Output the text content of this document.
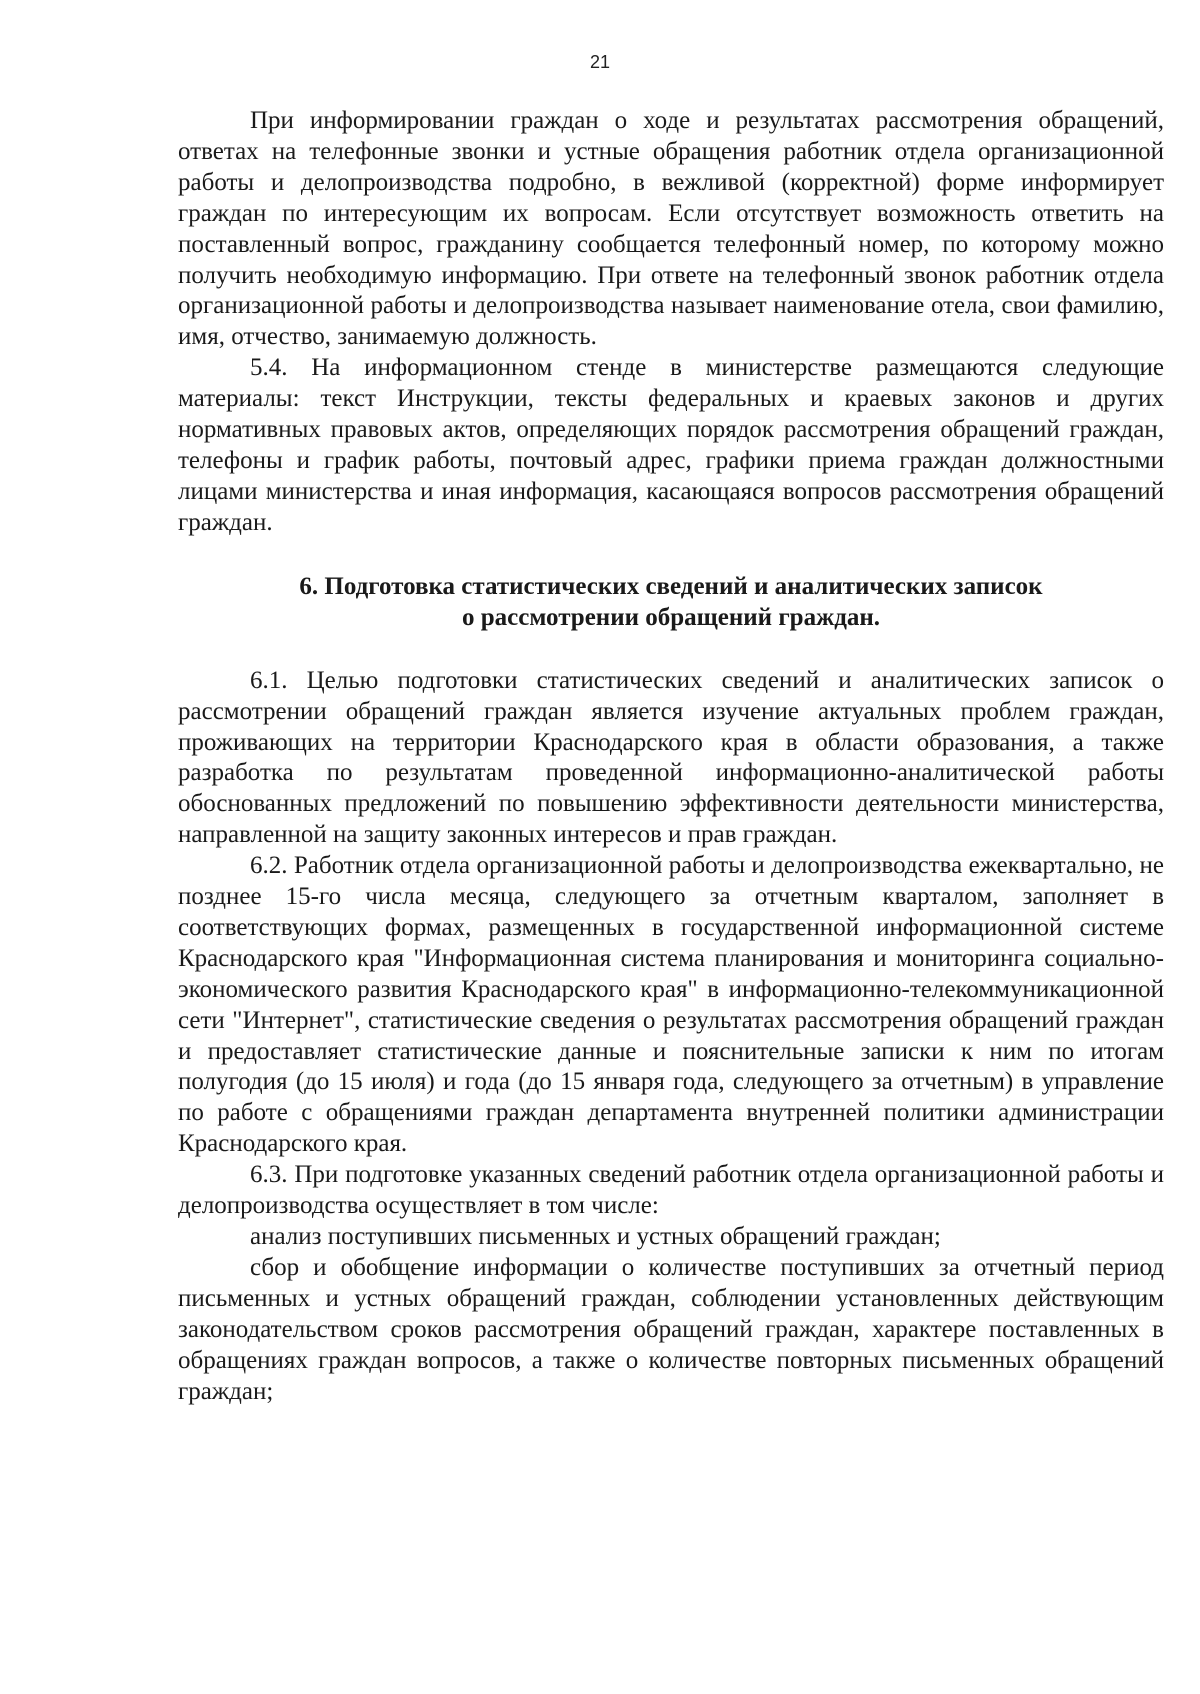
21

При информировании граждан о ходе и результатах рассмотрения обращений, ответах на телефонные звонки и устные обращения работник отдела организационной работы и делопроизводства подробно, в вежливой (корректной) форме информирует граждан по интересующим их вопросам. Если отсутствует возможность ответить на поставленный вопрос, гражданину сообщается телефонный номер, по которому можно получить необходимую информацию. При ответе на телефонный звонок работник отдела организационной работы и делопроизводства называет наименование отела, свои фамилию, имя, отчество, занимаемую должность.

5.4. На информационном стенде в министерстве размещаются следующие материалы: текст Инструкции, тексты федеральных и краевых законов и других нормативных правовых актов, определяющих порядок рассмотрения обращений граждан, телефоны и график работы, почтовый адрес, графики приема граждан должностными лицами министерства и иная информация, касающаяся вопросов рассмотрения обращений граждан.

6. Подготовка статистических сведений и аналитических записок
о рассмотрении обращений граждан.

6.1. Целью подготовки статистических сведений и аналитических записок о рассмотрении обращений граждан является изучение актуальных проблем граждан, проживающих на территории Краснодарского края в области образования, а также разработка по результатам проведенной информационно-аналитической работы обоснованных предложений по повышению эффективности деятельности министерства, направленной на защиту законных интересов и прав граждан.

6.2. Работник отдела организационной работы и делопроизводства ежеквартально, не позднее 15-го числа месяца, следующего за отчетным кварталом, заполняет в соответствующих формах, размещенных в государственной информационной системе Краснодарского края "Информационная система планирования и мониторинга социально-экономического развития Краснодарского края" в информационно-телекоммуникационной сети "Интернет", статистические сведения о результатах рассмотрения обращений граждан и предоставляет статистические данные и пояснительные записки к ним по итогам полугодия (до 15 июля) и года (до 15 января года, следующего за отчетным) в управление по работе с обращениями граждан департамента внутренней политики администрации Краснодарского края.

6.3. При подготовке указанных сведений работник отдела организационной работы и делопроизводства осуществляет в том числе:

анализ поступивших письменных и устных обращений граждан;

сбор и обобщение информации о количестве поступивших за отчетный период письменных и устных обращений граждан, соблюдении установленных действующим законодательством сроков рассмотрения обращений граждан, характере поставленных в обращениях граждан вопросов, а также о количестве повторных письменных обращений граждан;
